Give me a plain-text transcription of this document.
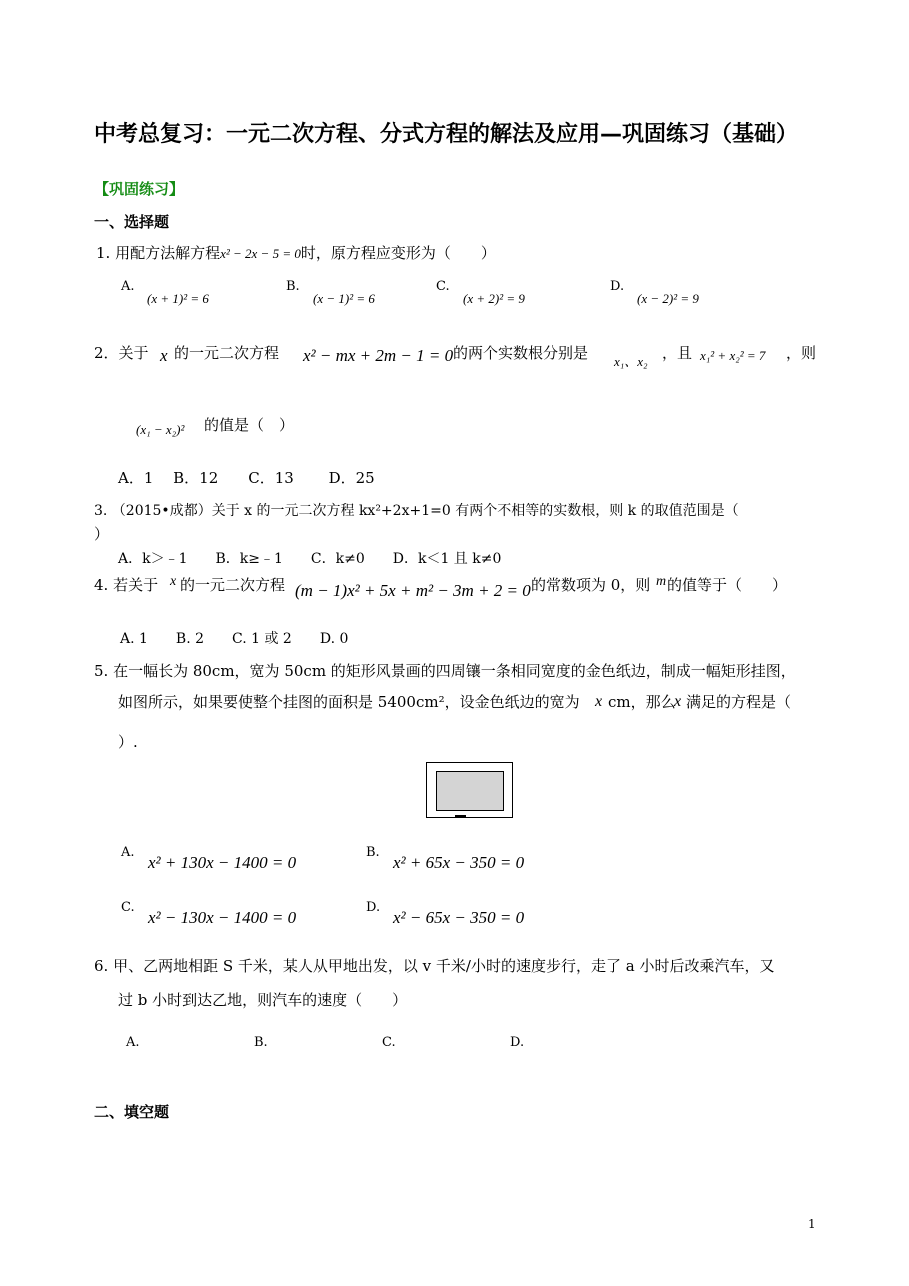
中考总复习：一元二次方程、分式方程的解法及应用—巩固练习（基础）
【巩固练习】
一、选择题
1. 用配方法解方程x² − 2x − 5 = 0时，原方程应变形为（　　）
A.
(x + 1)² = 6
B.
(x − 1)² = 6
C.
(x + 2)² = 9
D.
(x − 2)² = 9
2．关于 x 的一元二次方程 x² − mx + 2m − 1 = 0 的两个实数根分别是 x₁、x₂ ，且 x₁² + x₂² = 7 ，则
(x₁ − x₂)² 的值是（　）
A．1　 B．12　　C．13　　 D．25
3. （2015•成都）关于 x 的一元二次方程 kx²+2x+1=0 有两个不相等的实数根，则 k 的取值范围是（
）
A．k＞﹣1　　B．k≥﹣1　　C．k≠0　　D．k＜1 且 k≠0
4. 若关于 x 的一元二次方程 (m − 1)x² + 5x + m² − 3m + 2 = 0 的常数项为 0，则 m 的值等于（　　）
A. 1　　B. 2　　C. 1 或 2　　D. 0
5. 在一幅长为 80cm，宽为 50cm 的矩形风景画的四周镶一条相同宽度的金色纸边，制成一幅矩形挂图，
如图所示，如果要使整个挂图的面积是 5400cm²，设金色纸边的宽为 x cm，那么
x 满足的方程是（
）.
A.
x² + 130x − 1400 = 0
B.
x² + 65x − 350 = 0
C.
x² − 130x − 1400 = 0
D.
x² − 65x − 350 = 0
6. 甲、乙两地相距 S 千米，某人从甲地出发，以 v 千米/小时的速度步行，走了 a 小时后改乘汽车，又
过 b 小时到达乙地，则汽车的速度（　　）
A.	B.	C.	D.
二、填空题
1
